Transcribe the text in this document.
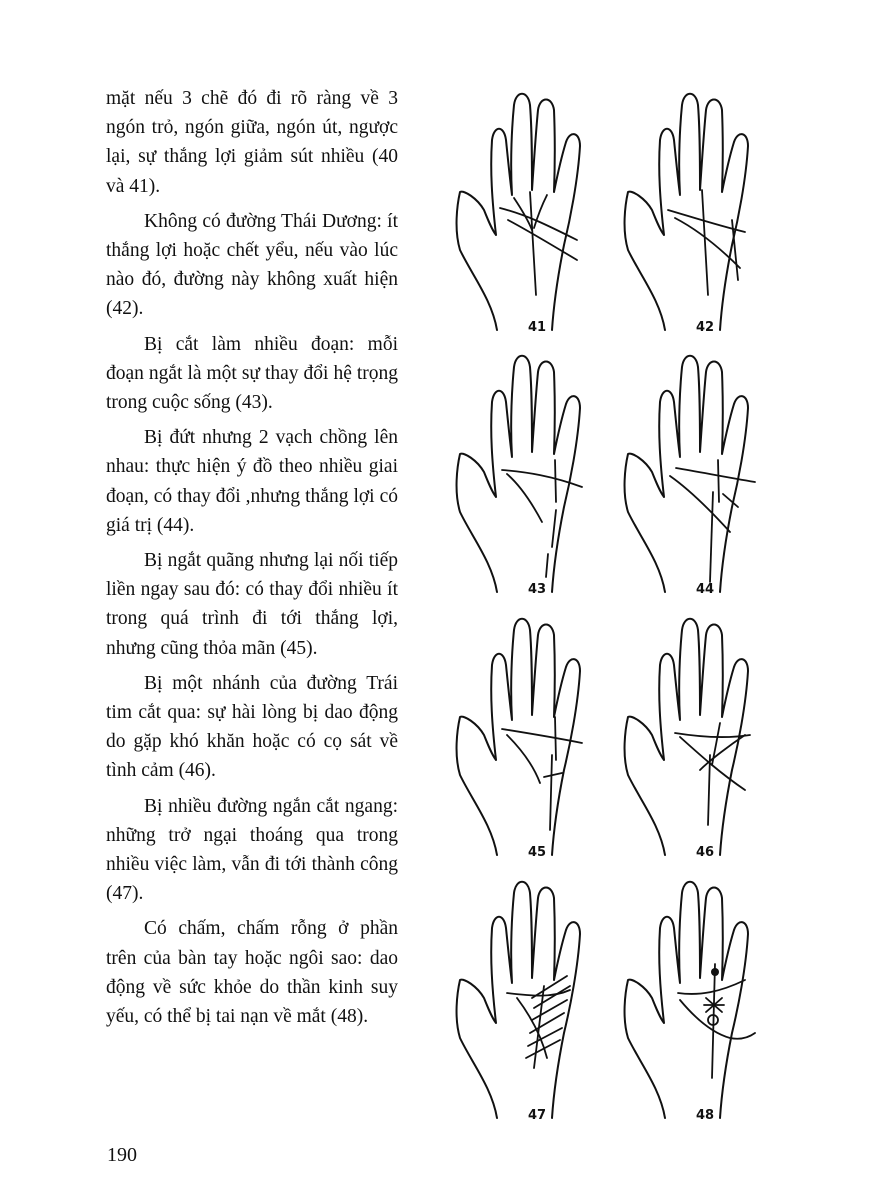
mặt nếu 3 chẽ đó đi rõ ràng về 3 ngón trỏ, ngón giữa, ngón út, ngược lại, sự thắng lợi giảm sút nhiều (40 và 41).

Không có đường Thái Dương: ít thắng lợi hoặc chết yểu, nếu vào lúc nào đó, đường này không xuất hiện (42).

Bị cắt làm nhiều đoạn: mỗi đoạn ngắt là một sự thay đổi hệ trọng trong cuộc sống (43).

Bị đứt nhưng 2 vạch chồng lên nhau: thực hiện ý đồ theo nhiều giai đoạn, có thay đổi ,nhưng thắng lợi có giá trị (44).

Bị ngắt quãng nhưng lại nối tiếp liền ngay sau đó: có thay đổi nhiều ít trong quá trình đi tới thắng lợi, nhưng cũng thỏa mãn (45).

Bị một nhánh của đường Trái tim cắt qua: sự hài lòng bị dao động do gặp khó khăn hoặc có cọ sát về tình cảm (46).

Bị nhiều đường ngắn cắt ngang: những trở ngại thoáng qua trong nhiều việc làm, vẫn đi tới thành công (47).

Có chấm, chấm rỗng ở phần trên của bàn tay hoặc ngôi sao: dao động về sức khỏe do thần kinh suy yếu, có thể bị tai nạn về mắt (48).

41	42
43	44
45	46
47	48
190
